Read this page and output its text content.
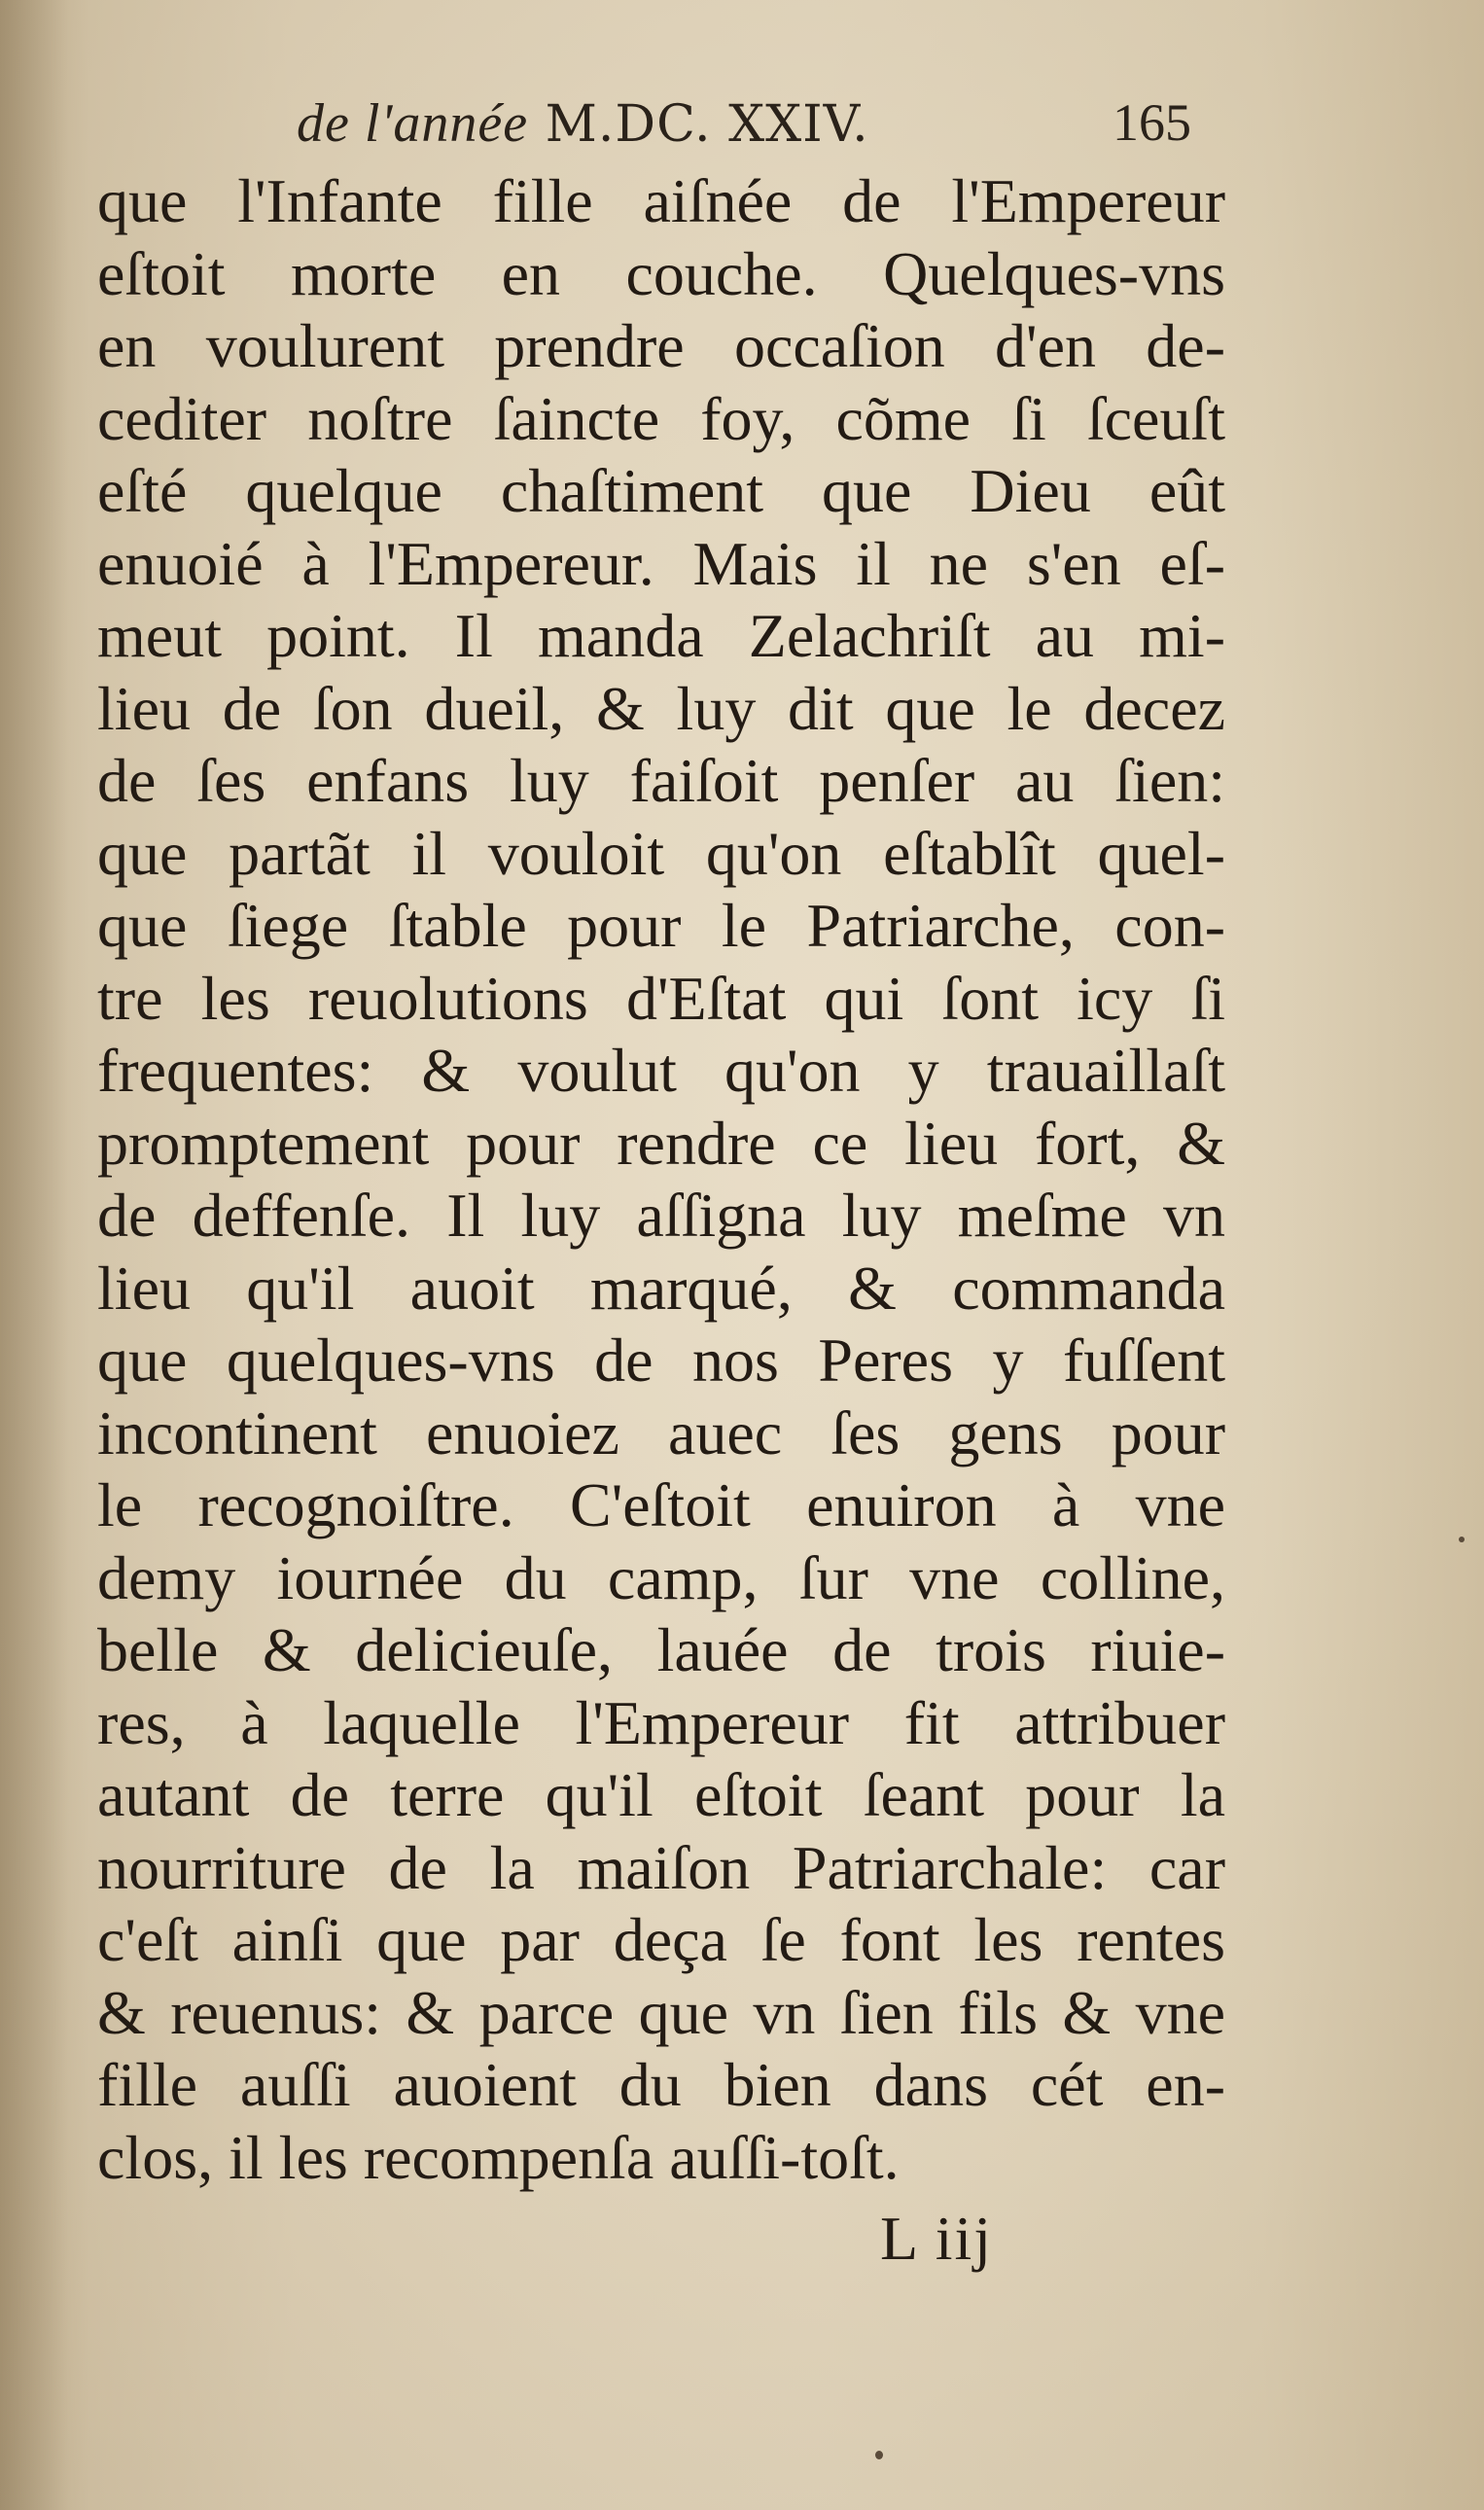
de l'année M.DC. XXIV.	165
que l'Infante fille aiſnée de l'Empereur
eſtoit morte en couche. Quelques-vns
en voulurent prendre occaſion d'en de-
cediter noſtre ſaincte foy, cõme ſi ſceuſt
eſté quelque chaſtiment que Dieu eût
enuoié à l'Empereur. Mais il ne s'en eſ-
meut point. Il manda Zelachriſt au mi-
lieu de ſon dueil, & luy dit que le decez
de ſes enfans luy faiſoit penſer au ſien:
que partãt il vouloit qu'on eſtablît quel-
que ſiege ſtable pour le Patriarche, con-
tre les reuolutions d'Eſtat qui ſont icy ſi
frequentes: & voulut qu'on y trauaillaſt
promptement pour rendre ce lieu fort, &
de deffenſe. Il luy aſſigna luy meſme vn
lieu qu'il auoit marqué, & commanda
que quelques-vns de nos Peres y fuſſent
incontinent enuoiez auec ſes gens pour
le recognoiſtre. C'eſtoit enuiron à vne
demy iournée du camp, ſur vne colline,
belle & delicieuſe, lauée de trois riuie-
res, à laquelle l'Empereur fit attribuer
autant de terre qu'il eſtoit ſeant pour la
nourriture de la maiſon Patriarchale: car
c'eſt ainſi que par deça ſe font les rentes
& reuenus: & parce que vn ſien fils & vne
fille auſſi auoient du bien dans cét en-
clos, il les recompenſa auſſi-toſt.
L iij
